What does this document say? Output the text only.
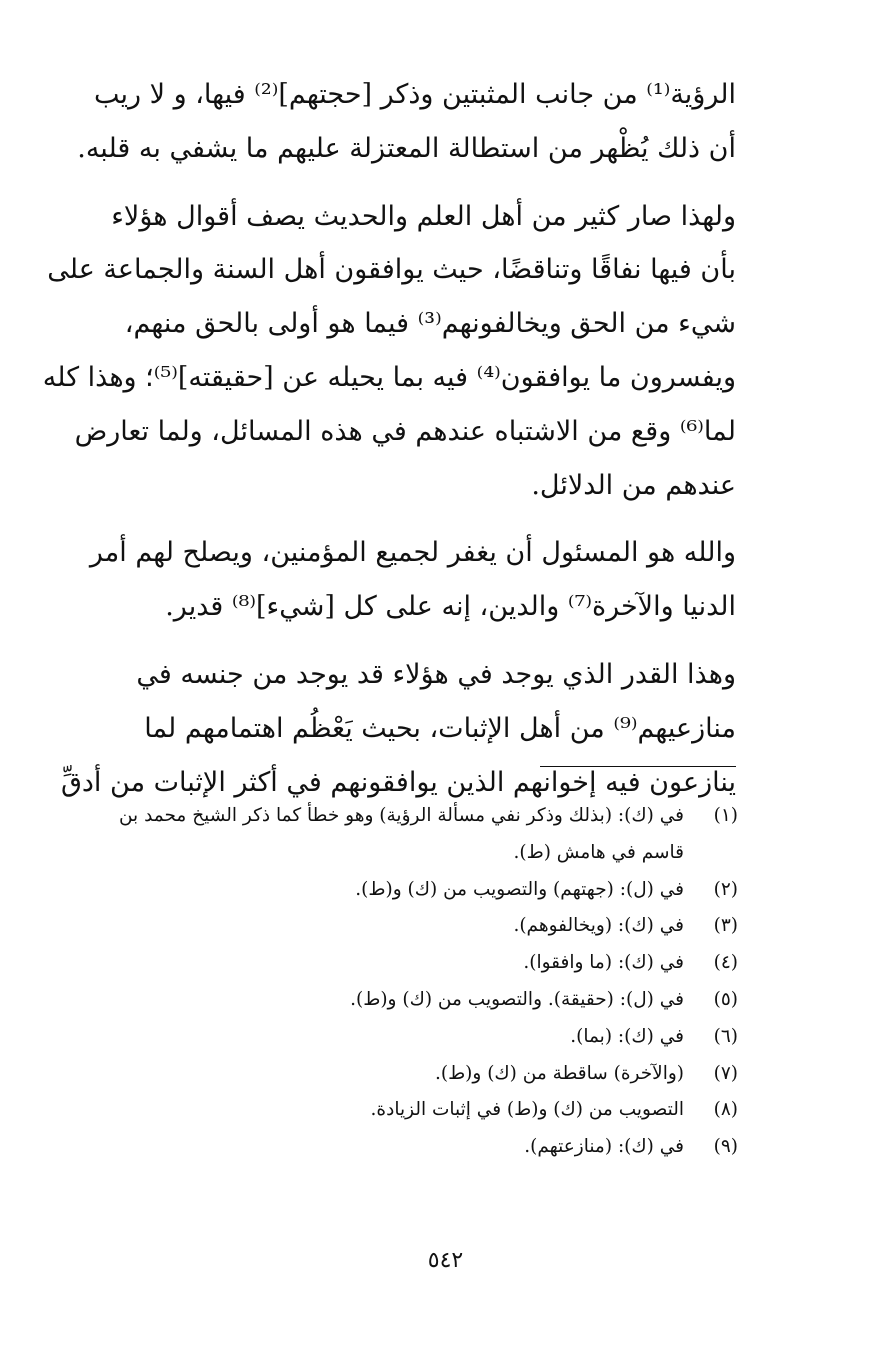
الرؤية⁽¹⁾ من جانب المثبتين وذكر [حجتهم]⁽²⁾ فيها، و لا ريب
أن ذلك يُظْهر من استطالة المعتزلة عليهم ما يشفي به قلبه.

ولهذا صار كثير من أهل العلم والحديث يصف أقوال هؤلاء
بأن فيها نفاقًا وتناقضًا، حيث يوافقون أهل السنة والجماعة على
شيء من الحق ويخالفونهم⁽³⁾ فيما هو أولى بالحق منهم،
ويفسرون ما يوافقون⁽⁴⁾ فيه بما يحيله عن [حقيقته]⁽⁵⁾؛ وهذا كله
لما⁽⁶⁾ وقع من الاشتباه عندهم في هذه المسائل، ولما تعارض
عندهم من الدلائل.

والله هو المسئول أن يغفر لجميع المؤمنين، ويصلح لهم أمر
الدنيا والآخرة⁽⁷⁾ والدين، إنه على كل [شيء]⁽⁸⁾ قدير.

وهذا القدر الذي يوجد في هؤلاء قد يوجد من جنسه في
منازعيهم⁽⁹⁾ من أهل الإثبات، بحيث يَعْظُم اهتمامهم لما
ينازعون فيه إخوانهم الذين يوافقونهم في أكثر الإثبات من أدقِّ

(١)
في (ك): (بذلك وذكر نفي مسألة الرؤية) وهو خطأ كما ذكر الشيخ محمد بن
قاسم في هامش (ط).
(٢)
في (ل): (جهتهم) والتصويب من (ك) و(ط).
(٣)
في (ك): (ويخالفوهم).
(٤)
في (ك): (ما وافقوا).
(٥)
في (ل): (حقيقة). والتصويب من (ك) و(ط).
(٦)
في (ك): (بما).
(٧)
(والآخرة) ساقطة من (ك) و(ط).
(٨)
التصويب من (ك) و(ط) في إثبات الزيادة.
(٩)
في (ك): (منازعتهم).
٥٤٢
